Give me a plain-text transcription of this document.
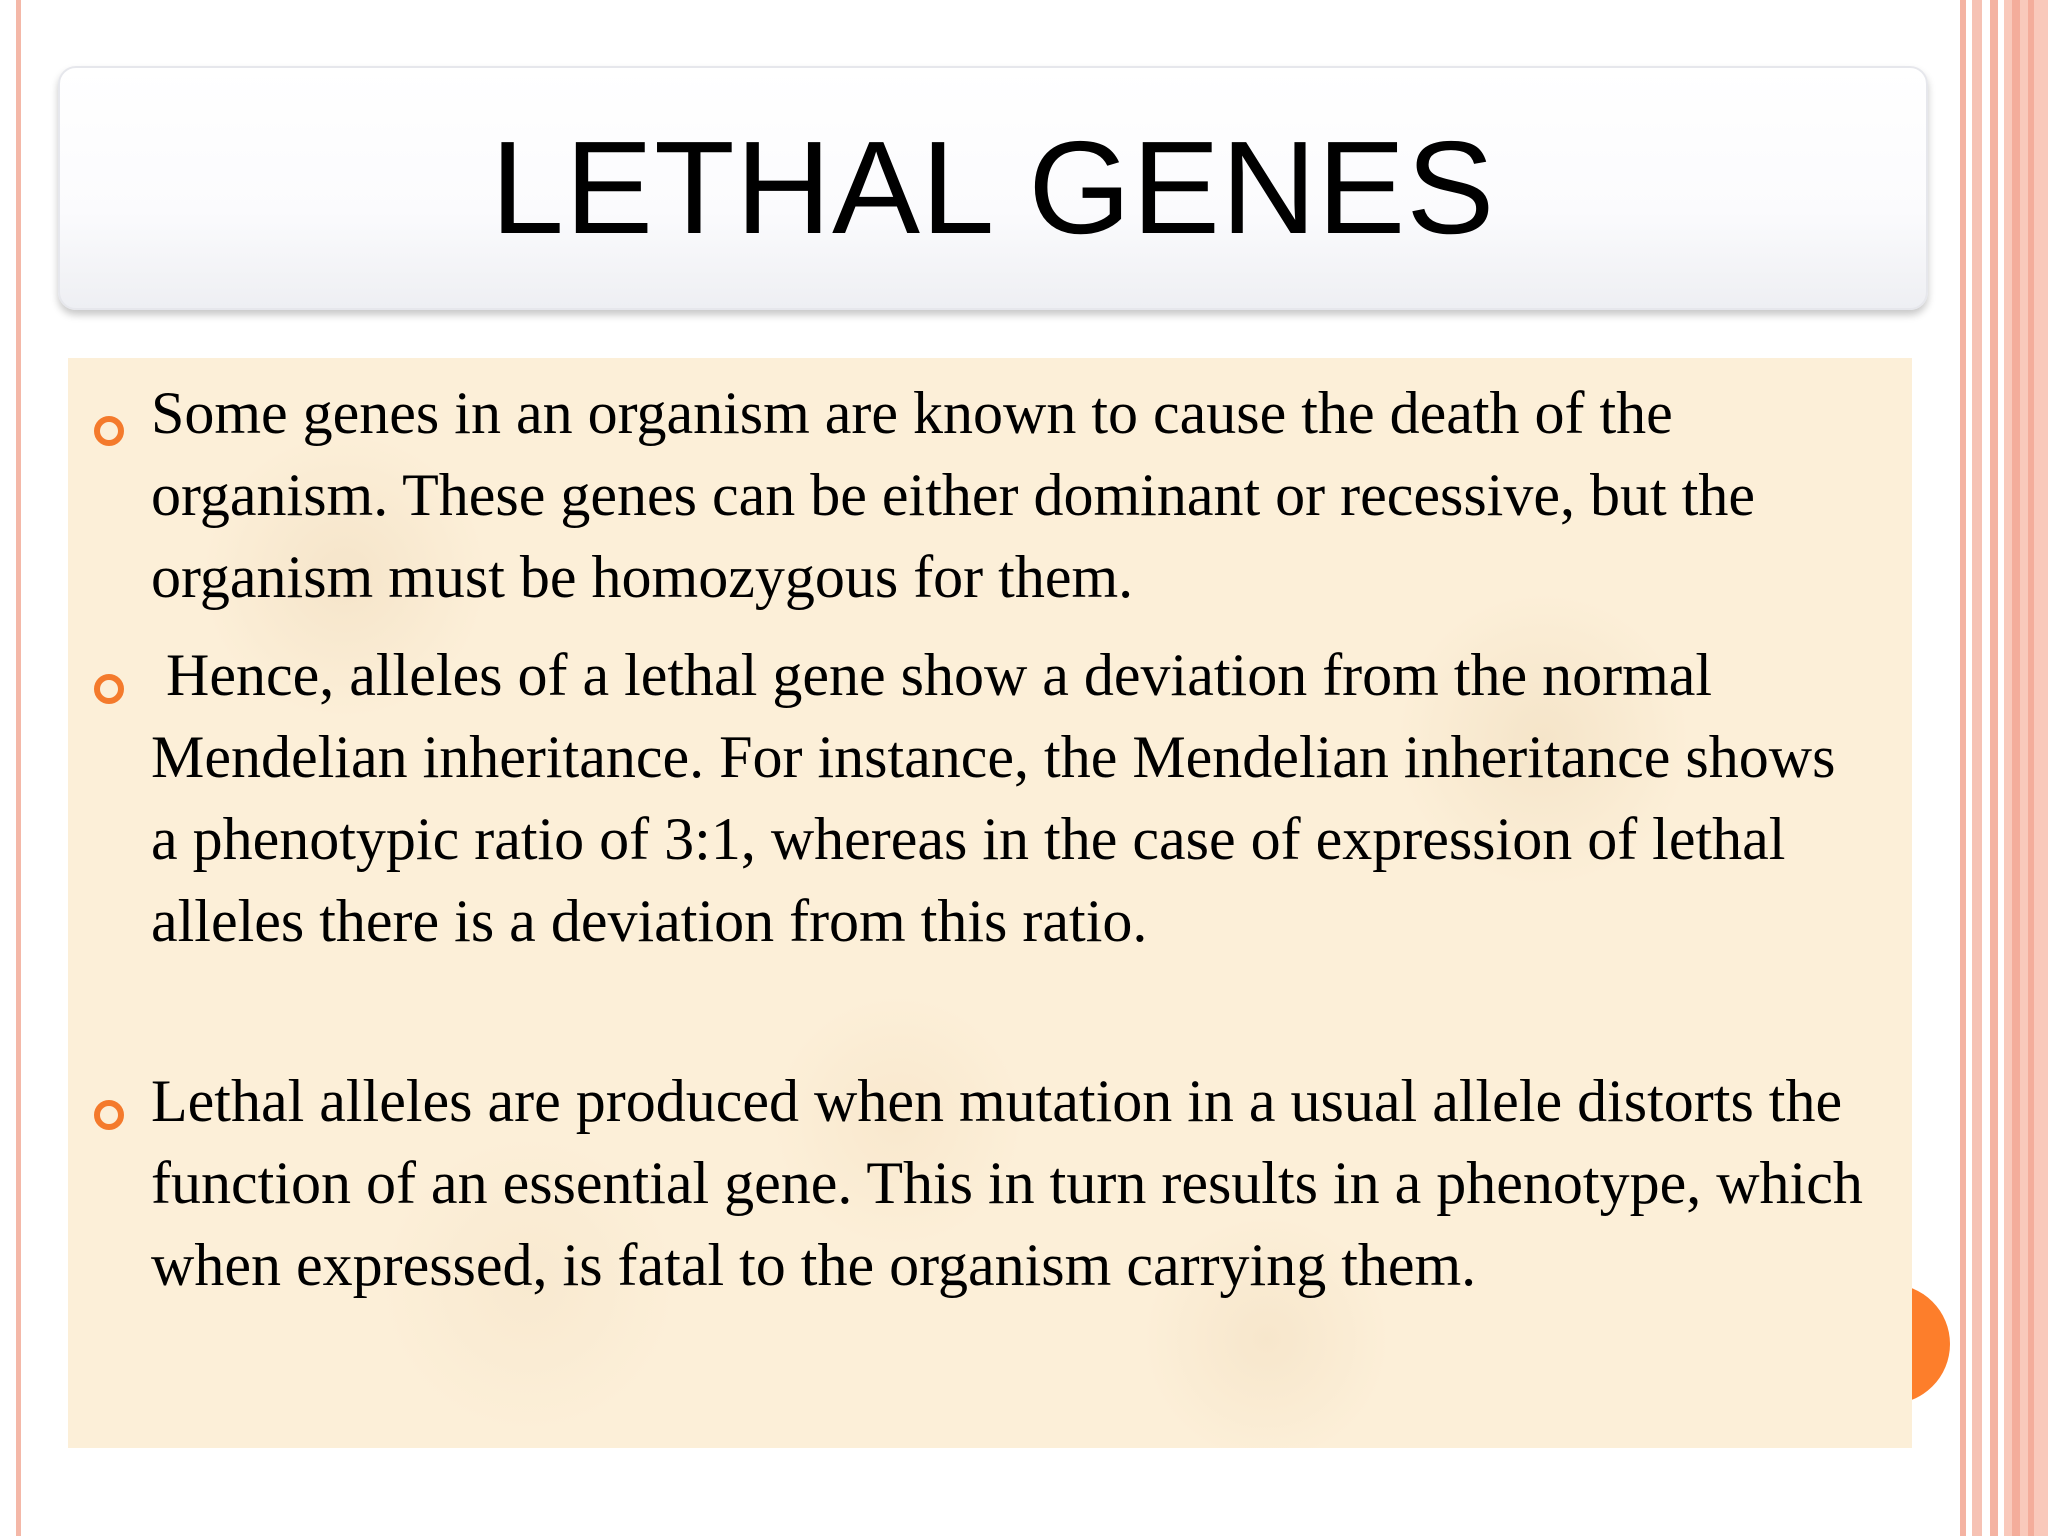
LETHAL GENES

Some genes in an organism are known to cause the death of the organism. These genes can be either dominant or recessive, but the organism must be homozygous for them.

Hence, alleles of a lethal gene show a deviation from the normal Mendelian inheritance. For instance, the Mendelian inheritance shows a phenotypic ratio of 3:1, whereas in the case of expression of lethal alleles there is a deviation from this ratio.

Lethal alleles are produced when mutation in a usual allele distorts the function of an essential gene. This in turn results in a phenotype, which when expressed, is fatal to the organism carrying them.
